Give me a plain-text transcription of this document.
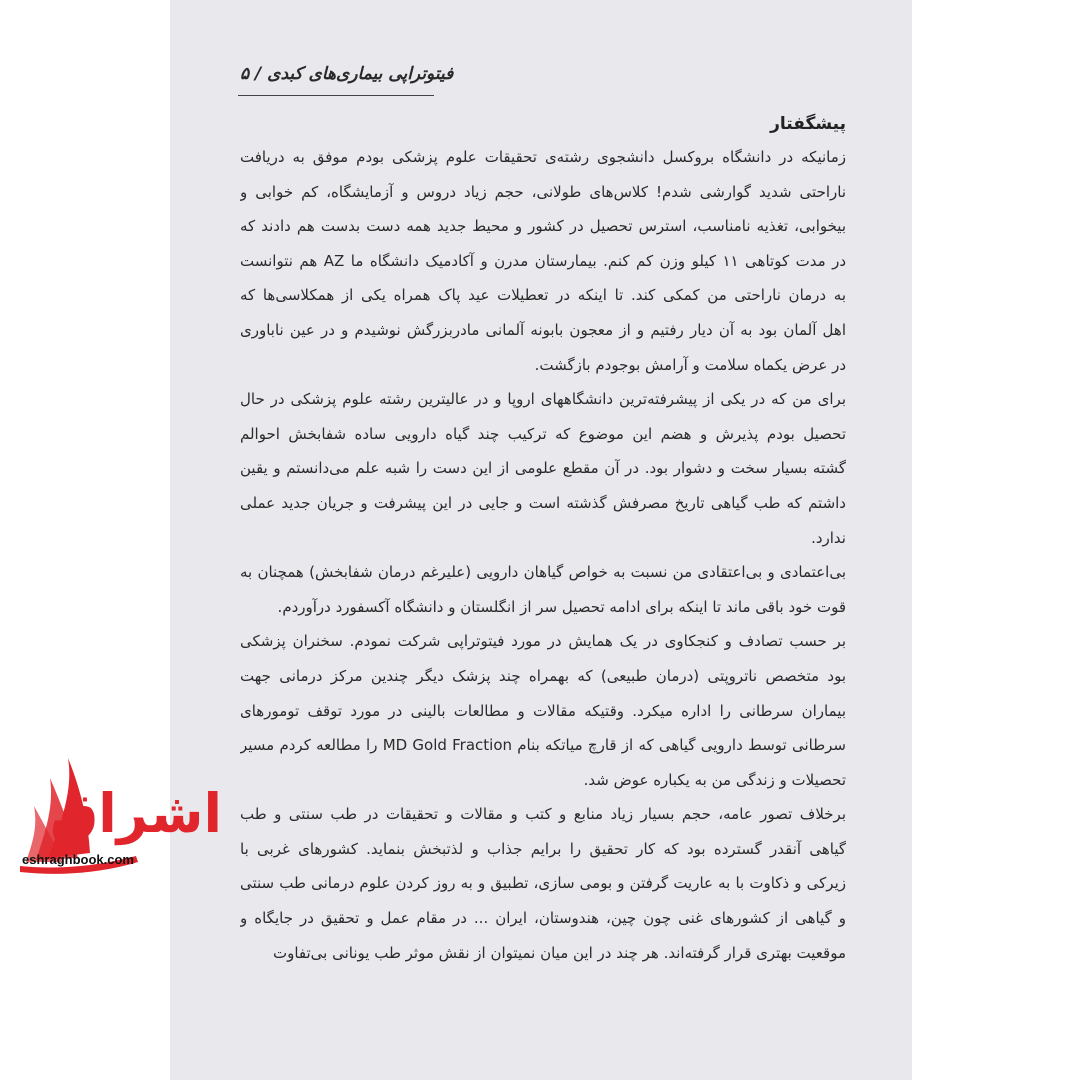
فیتوتراپی بیماری‌های کبدی / ۵
پیشگفتار
زمانیکه در دانشگاه بروکسل دانشجوی رشته‌ی تحقیقات علوم پزشکی بودم موفق به دریافت
ناراحتی شدید گوارشی شدم! کلاس‌های طولانی، حجم زیاد دروس و آزمایشگاه، کم خوابی و
بیخوابی، تغذیه نامناسب، استرس تحصیل در کشور و محیط جدید همه دست بدست هم دادند که
در مدت کوتاهی ۱۱ کیلو وزن کم کنم. بیمارستان مدرن و آکادمیک دانشگاه ما AZ هم نتوانست
به درمان ناراحتی من کمکی کند. تا اینکه در تعطیلات عید پاک همراه یکی از همکلاسی‌ها که
اهل آلمان بود به آن دیار رفتیم و از معجون بابونه آلمانی مادربزرگش نوشیدم و در عین ناباوری
در عرض یکماه سلامت و آرامش بوجودم بازگشت.
برای من که در یکی از پیشرفته‌ترین دانشگاههای اروپا و در عالیترین رشته علوم پزشکی در حال
تحصیل بودم پذیرش و هضم این موضوع که ترکیب چند گیاه دارویی ساده شفابخش احوالم
گشته بسیار سخت و دشوار بود. در آن مقطع علومی از این دست را شبه علم می‌دانستم و یقین
داشتم که طب گیاهی تاریخ مصرفش گذشته است و جایی در این پیشرفت و جریان جدید عملی
ندارد.
بی‌اعتمادی و بی‌اعتقادی من نسبت به خواص گیاهان دارویی (علیرغم درمان شفابخش) همچنان به
قوت خود باقی ماند تا اینکه برای ادامه تحصیل سر از انگلستان و دانشگاه آکسفورد درآوردم.
بر حسب تصادف و کنجکاوی در یک همایش در مورد فیتوتراپی شرکت نمودم. سخنران پزشکی
بود متخصص ناتروپتی (درمان طبیعی) که بهمراه چند پزشک دیگر چندین مرکز درمانی جهت
بیماران سرطانی را اداره میکرد. وقتیکه مقالات و مطالعات بالینی در مورد توقف تومورهای
سرطانی توسط دارویی گیاهی که از قارچ میاتکه بنام MD Gold Fraction را مطالعه کردم مسیر
تحصیلات و زندگی من به یکباره عوض شد.
برخلاف تصور عامه، حجم بسیار زیاد منابع و کتب و مقالات و تحقیقات در طب سنتی و طب
گیاهی آنقدر گسترده بود که کار تحقیق را برایم جذاب و لذتبخش بنماید. کشورهای غربی با
زیرکی و ذکاوت با به عاریت گرفتن و بومی سازی، تطبیق و به روز کردن علوم درمانی طب سنتی
و گیاهی از کشورهای غنی چون چین، هندوستان، ایران ... در مقام عمل و تحقیق در جایگاه و
موقعیت بهتری قرار گرفته‌اند. هر چند در این میان نمیتوان از نقش موثر طب یونانی بی‌تفاوت
اشراق
eshraghbook.com
